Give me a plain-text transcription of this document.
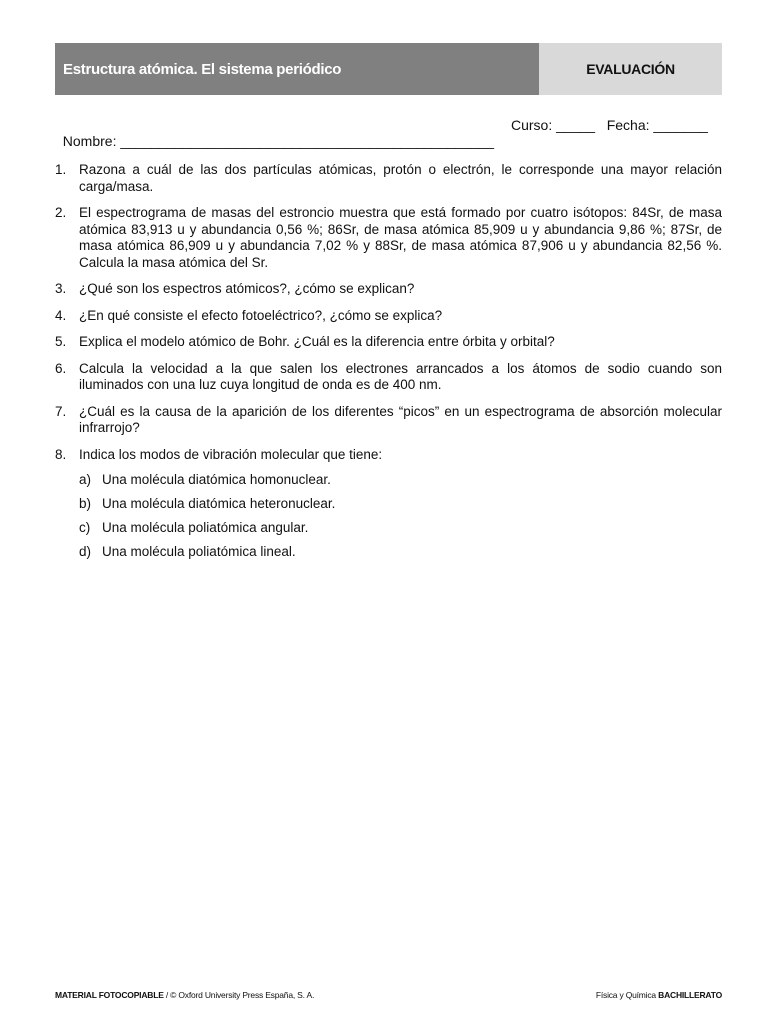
Estructura atómica. El sistema periódico	EVALUACIÓN

Nombre: ________________________________________________

Curso: _____   Fecha: _______

1. Razona a cuál de las dos partículas atómicas, protón o electrón, le corresponde una mayor relación carga/masa.
2. El espectrograma de masas del estroncio muestra que está formado por cuatro isótopos: 84Sr, de masa atómica 83,913 u y abundancia 0,56 %; 86Sr, de masa atómica 85,909 u y abundancia 9,86 %; 87Sr, de masa atómica 86,909 u y abundancia 7,02 % y 88Sr, de masa atómica 87,906 u y abundancia 82,56 %. Calcula la masa atómica del Sr.
3. ¿Qué son los espectros atómicos?, ¿cómo se explican?
4. ¿En qué consiste el efecto fotoeléctrico?, ¿cómo se explica?
5. Explica el modelo atómico de Bohr. ¿Cuál es la diferencia entre órbita y orbital?
6. Calcula la velocidad a la que salen los electrones arrancados a los átomos de sodio cuando son iluminados con una luz cuya longitud de onda es de 400 nm.
7. ¿Cuál es la causa de la aparición de los diferentes “picos” en un espectrograma de absorción molecular infrarrojo?
8. Indica los modos de vibración molecular que tiene:
a) Una molécula diatómica homonuclear.
b) Una molécula diatómica heteronuclear.
c) Una molécula poliatómica angular.
d) Una molécula poliatómica lineal.
MATERIAL FOTOCOPIABLE / © Oxford University Press España, S. A.	Física y Química BACHILLERATO
